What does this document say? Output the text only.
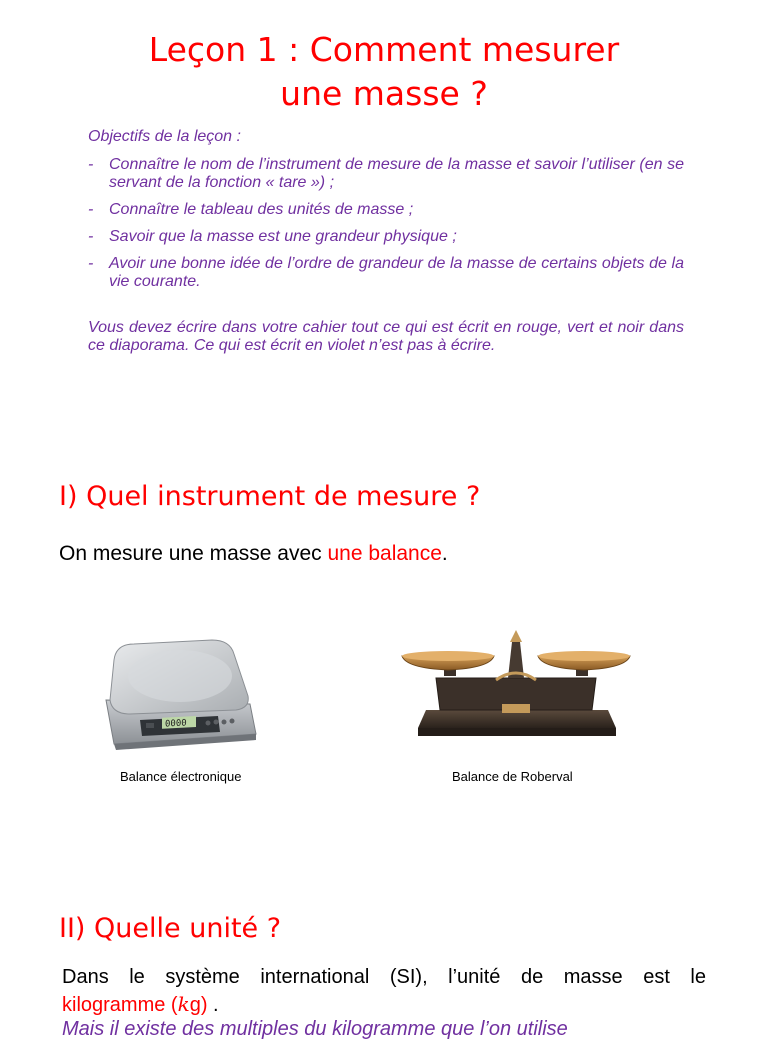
Leçon 1 : Comment mesurer
une masse ?
Objectifs de la leçon :
- Connaître le nom de l’instrument de mesure de la masse et savoir l’utiliser (en se servant de la fonction « tare ») ;
- Connaître le tableau des unités de masse ;
- Savoir que la masse est une grandeur physique ;
- Avoir une bonne idée de l’ordre de grandeur de la masse de certains objets de la vie courante.
Vous devez écrire dans votre cahier tout ce qui est écrit en rouge, vert et noir dans ce diaporama. Ce qui est écrit en violet n’est pas à écrire.
I) Quel instrument de mesure ?
On mesure une masse avec une balance.
0000
Balance électronique	Balance de Roberval
II) Quelle unité ?
Dans le système international (SI), l’unité de masse est le
kilogramme (kg) .
Mais il existe des multiples du kilogramme que l’on utilise
